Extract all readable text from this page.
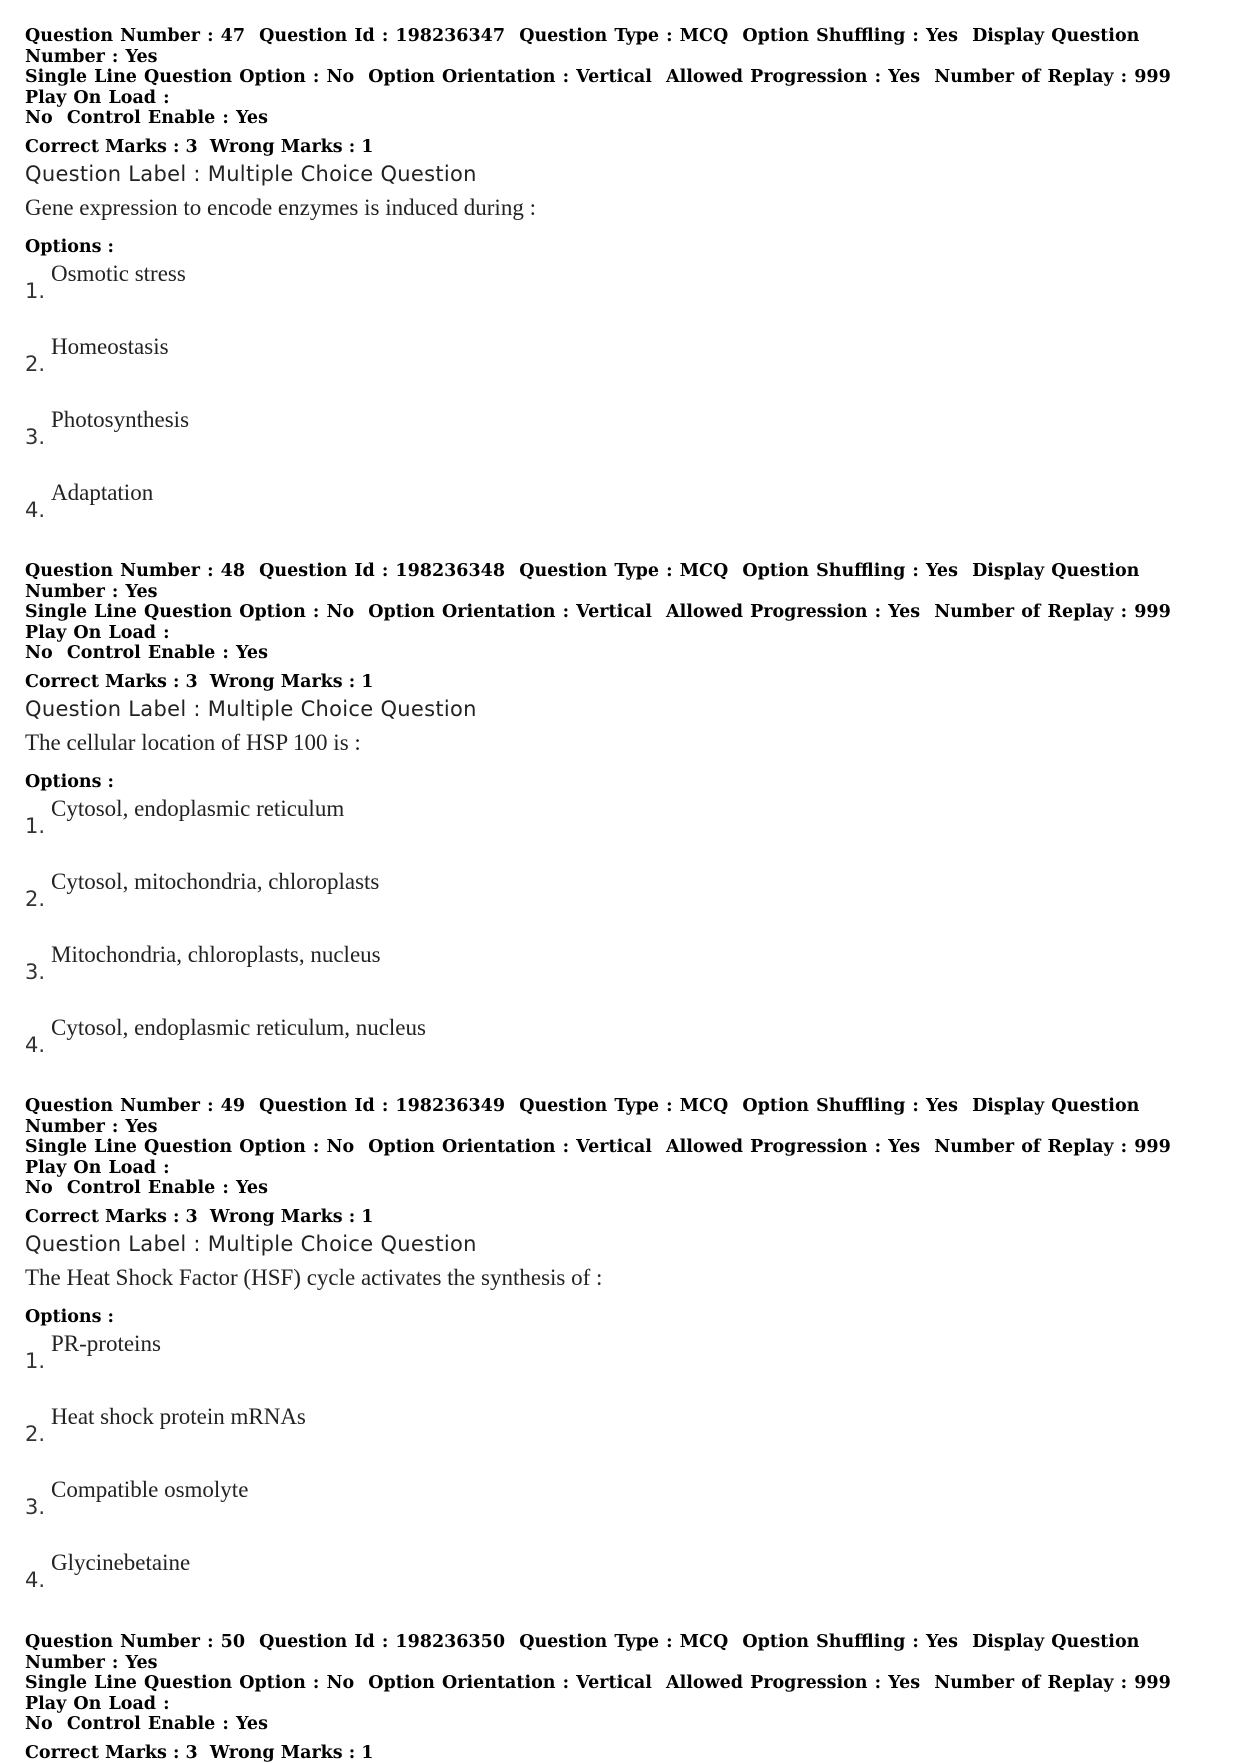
Question Number : 47  Question Id : 198236347  Question Type : MCQ  Option Shuffling : Yes  Display Question Number : Yes
Single Line Question Option : No  Option Orientation : Vertical  Allowed Progression : Yes  Number of Replay : 999  Play On Load :
No  Control Enable : Yes
Correct Marks : 3  Wrong Marks : 1
Question Label : Multiple Choice Question
Gene expression to encode enzymes is induced during :
Options :
1.
Osmotic stress
2.
Homeostasis
3.
Photosynthesis
4.
Adaptation
Question Number : 48  Question Id : 198236348  Question Type : MCQ  Option Shuffling : Yes  Display Question Number : Yes
Single Line Question Option : No  Option Orientation : Vertical  Allowed Progression : Yes  Number of Replay : 999  Play On Load :
No  Control Enable : Yes
Correct Marks : 3  Wrong Marks : 1
Question Label : Multiple Choice Question
The cellular location of HSP 100 is :
Options :
1.
Cytosol, endoplasmic reticulum
2.
Cytosol, mitochondria, chloroplasts
3.
Mitochondria, chloroplasts, nucleus
4.
Cytosol, endoplasmic reticulum, nucleus
Question Number : 49  Question Id : 198236349  Question Type : MCQ  Option Shuffling : Yes  Display Question Number : Yes
Single Line Question Option : No  Option Orientation : Vertical  Allowed Progression : Yes  Number of Replay : 999  Play On Load :
No  Control Enable : Yes
Correct Marks : 3  Wrong Marks : 1
Question Label : Multiple Choice Question
The Heat Shock Factor (HSF) cycle activates the synthesis of :
Options :
1.
PR-proteins
2.
Heat shock protein mRNAs
3.
Compatible osmolyte
4.
Glycinebetaine
Question Number : 50  Question Id : 198236350  Question Type : MCQ  Option Shuffling : Yes  Display Question Number : Yes
Single Line Question Option : No  Option Orientation : Vertical  Allowed Progression : Yes  Number of Replay : 999  Play On Load :
No  Control Enable : Yes
Correct Marks : 3  Wrong Marks : 1
